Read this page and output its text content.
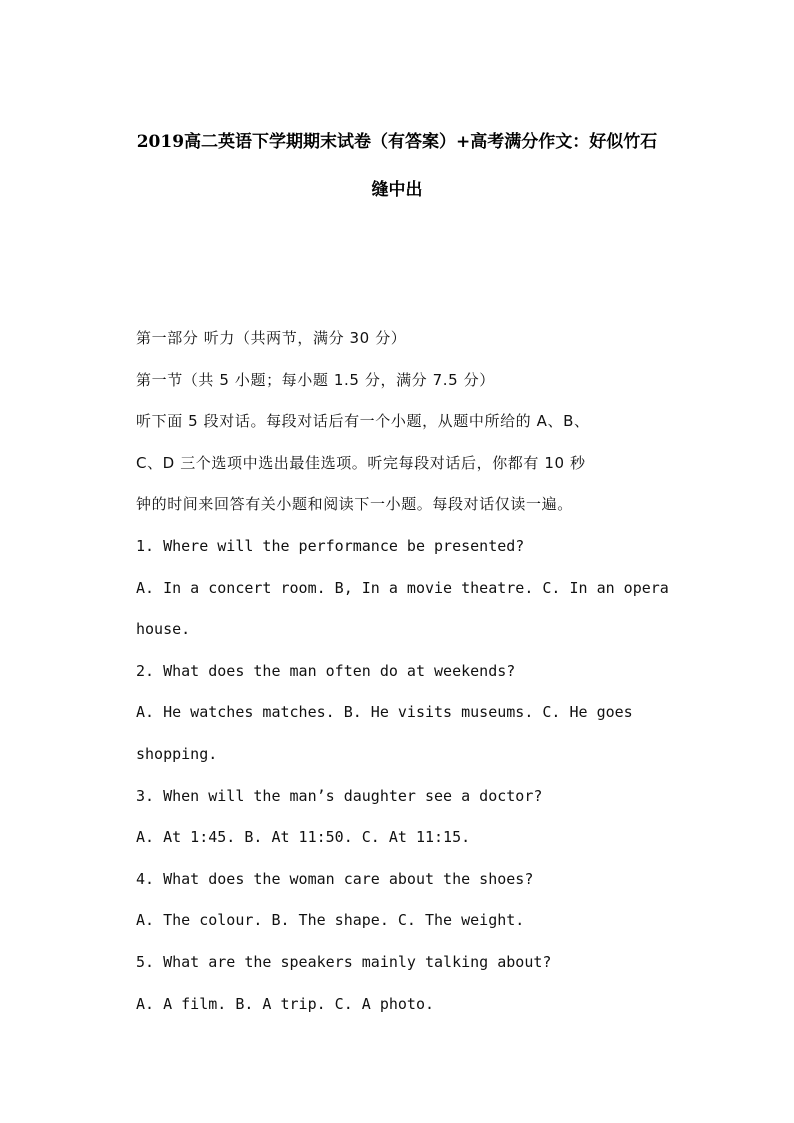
2019高二英语下学期期末试卷（有答案）+高考满分作文：好似竹石
缝中出
第一部分 听力（共两节，满分 30 分）
第一节（共 5 小题；每小题 1.5 分，满分 7.5 分）
听下面 5 段对话。每段对话后有一个小题，从题中所给的 A、B、
C、D 三个选项中选出最佳选项。听完每段对话后，你都有 10 秒
钟的时间来回答有关小题和阅读下一小题。每段对话仅读一遍。
1. Where will the performance be presented?
A. In a concert room. B, In a movie theatre. C. In an opera
house.
2. What does the man often do at weekends?
A. He watches matches. B. He visits museums. C. He goes
shopping.
3. When will the man’s daughter see a doctor?
A. At 1:45. B. At 11:50. C. At 11:15.
4. What does the woman care about the shoes?
A. The colour. B. The shape. C. The weight.
5. What are the speakers mainly talking about?
A. A film. B. A trip. C. A photo.
